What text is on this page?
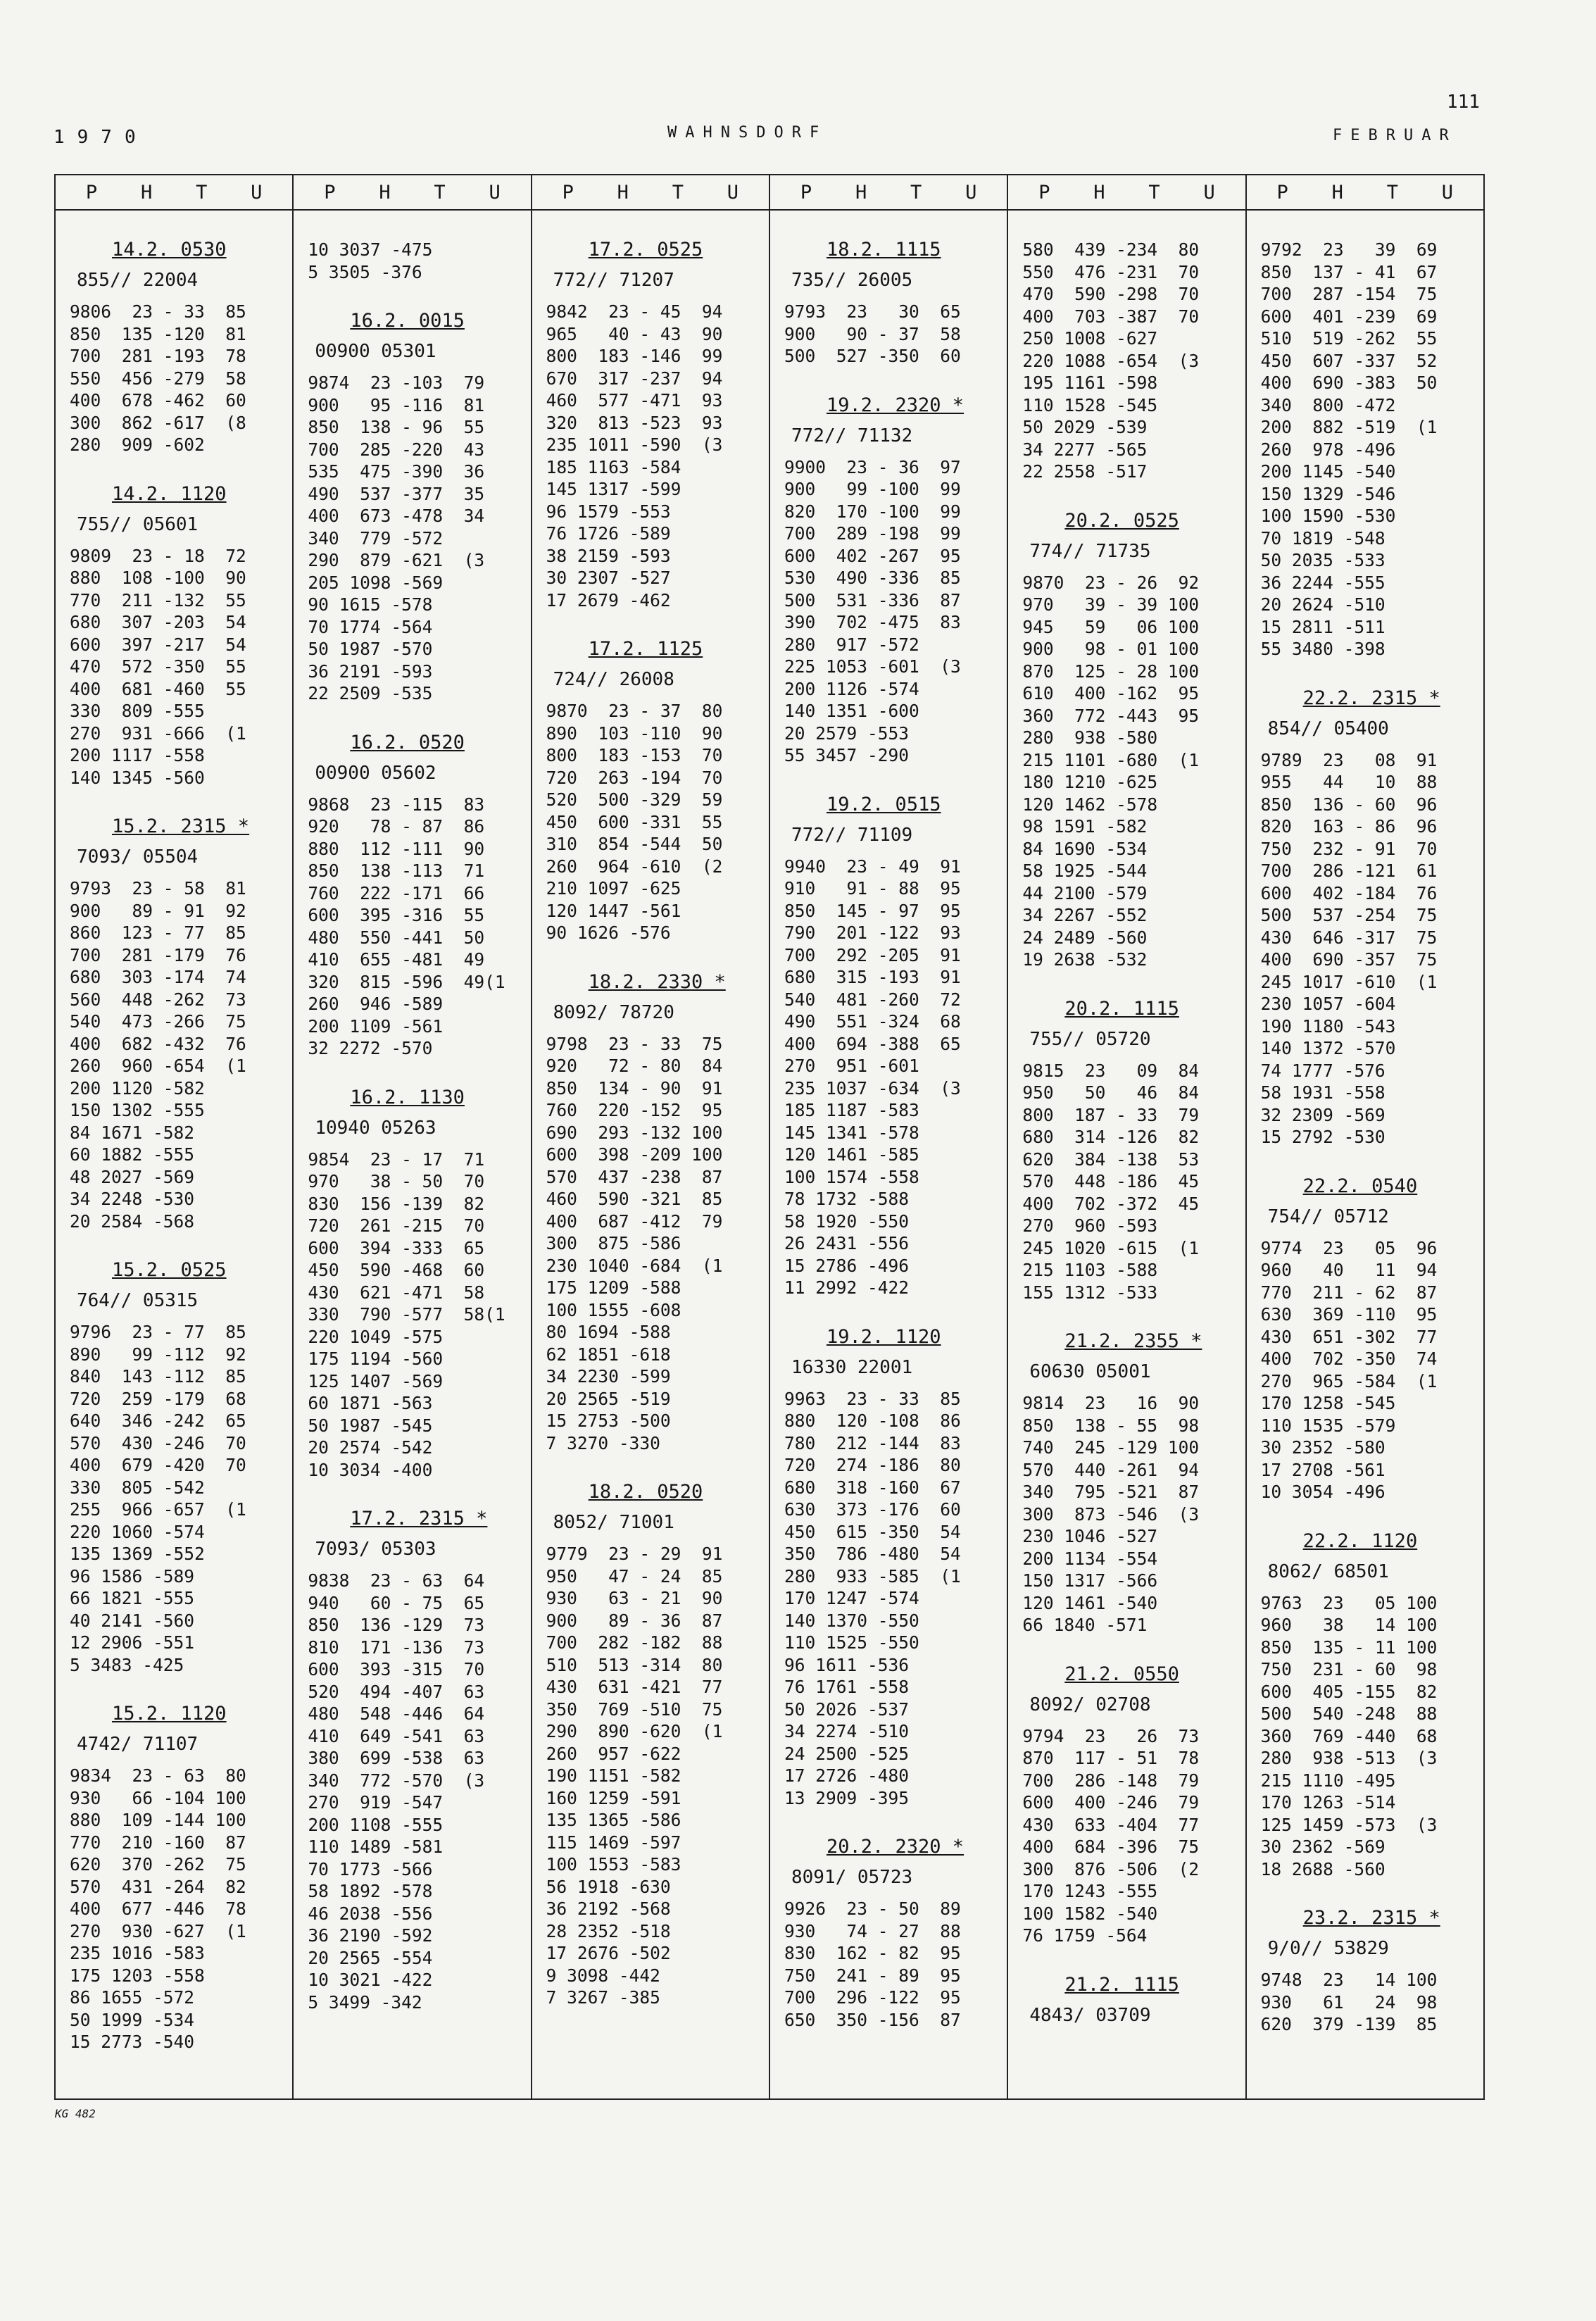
111
1970	WAHNSDORF	FEBRUAR
P H T U
14.2. 0530
855// 22004
9806  23 - 33  85
850  135 -120  81
700  281 -193  78
550  456 -279  58
400  678 -462  60
300  862 -617  (8
280  909 -602
14.2. 1120
755// 05601
9809  23 - 18  72
880  108 -100  90
770  211 -132  55
680  307 -203  54
600  397 -217  54
470  572 -350  55
400  681 -460  55
330  809 -555
270  931 -666  (1
200 1117 -558
140 1345 -560
15.2. 2315 *
7093/ 05504
9793  23 - 58  81
900   89 - 91  92
860  123 - 77  85
700  281 -179  76
680  303 -174  74
560  448 -262  73
540  473 -266  75
400  682 -432  76
260  960 -654  (1
200 1120 -582
150 1302 -555
84 1671 -582
60 1882 -555
48 2027 -569
34 2248 -530
20 2584 -568
15.2. 0525
764// 05315
9796  23 - 77  85
890   99 -112  92
840  143 -112  85
720  259 -179  68
640  346 -242  65
570  430 -246  70
400  679 -420  70
330  805 -542
255  966 -657  (1
220 1060 -574
135 1369 -552
96 1586 -589
66 1821 -555
40 2141 -560
12 2906 -551
5 3483 -425
15.2. 1120
4742/ 71107
9834  23 - 63  80
930   66 -104 100
880  109 -144 100
770  210 -160  87
620  370 -262  75
570  431 -264  82
400  677 -446  78
270  930 -627  (1
235 1016 -583
175 1203 -558
86 1655 -572
50 1999 -534
15 2773 -540
P H T U
10 3037 -475
5 3505 -376
16.2. 0015
00900 05301
9874  23 -103  79
900   95 -116  81
850  138 - 96  55
700  285 -220  43
535  475 -390  36
490  537 -377  35
400  673 -478  34
340  779 -572
290  879 -621  (3
205 1098 -569
90 1615 -578
70 1774 -564
50 1987 -570
36 2191 -593
22 2509 -535
16.2. 0520
00900 05602
9868  23 -115  83
920   78 - 87  86
880  112 -111  90
850  138 -113  71
760  222 -171  66
600  395 -316  55
480  550 -441  50
410  655 -481  49
320  815 -596  49(1
260  946 -589
200 1109 -561
32 2272 -570
16.2. 1130
10940 05263
9854  23 - 17  71
970   38 - 50  70
830  156 -139  82
720  261 -215  70
600  394 -333  65
450  590 -468  60
430  621 -471  58
330  790 -577  58(1
220 1049 -575
175 1194 -560
125 1407 -569
60 1871 -563
50 1987 -545
20 2574 -542
10 3034 -400
17.2. 2315 *
7093/ 05303
9838  23 - 63  64
940   60 - 75  65
850  136 -129  73
810  171 -136  73
600  393 -315  70
520  494 -407  63
480  548 -446  64
410  649 -541  63
380  699 -538  63
340  772 -570  (3
270  919 -547
200 1108 -555
110 1489 -581
70 1773 -566
58 1892 -578
46 2038 -556
36 2190 -592
20 2565 -554
10 3021 -422
5 3499 -342
P H T U
17.2. 0525
772// 71207
9842  23 - 45  94
965   40 - 43  90
800  183 -146  99
670  317 -237  94
460  577 -471  93
320  813 -523  93
235 1011 -590  (3
185 1163 -584
145 1317 -599
96 1579 -553
76 1726 -589
38 2159 -593
30 2307 -527
17 2679 -462
17.2. 1125
724// 26008
9870  23 - 37  80
890  103 -110  90
800  183 -153  70
720  263 -194  70
520  500 -329  59
450  600 -331  55
310  854 -544  50
260  964 -610  (2
210 1097 -625
120 1447 -561
90 1626 -576
18.2. 2330 *
8092/ 78720
9798  23 - 33  75
920   72 - 80  84
850  134 - 90  91
760  220 -152  95
690  293 -132 100
600  398 -209 100
570  437 -238  87
460  590 -321  85
400  687 -412  79
300  875 -586
230 1040 -684  (1
175 1209 -588
100 1555 -608
80 1694 -588
62 1851 -618
34 2230 -599
20 2565 -519
15 2753 -500
7 3270 -330
18.2. 0520
8052/ 71001
9779  23 - 29  91
950   47 - 24  85
930   63 - 21  90
900   89 - 36  87
700  282 -182  88
510  513 -314  80
430  631 -421  77
350  769 -510  75
290  890 -620  (1
260  957 -622
190 1151 -582
160 1259 -591
135 1365 -586
115 1469 -597
100 1553 -583
56 1918 -630
36 2192 -568
28 2352 -518
17 2676 -502
9 3098 -442
7 3267 -385
P H T U
18.2. 1115
735// 26005
9793  23   30  65
900   90 - 37  58
500  527 -350  60
19.2. 2320 *
772// 71132
9900  23 - 36  97
900   99 -100  99
820  170 -100  99
700  289 -198  99
600  402 -267  95
530  490 -336  85
500  531 -336  87
390  702 -475  83
280  917 -572
225 1053 -601  (3
200 1126 -574
140 1351 -600
20 2579 -553
55 3457 -290
19.2. 0515
772// 71109
9940  23 - 49  91
910   91 - 88  95
850  145 - 97  95
790  201 -122  93
700  292 -205  91
680  315 -193  91
540  481 -260  72
490  551 -324  68
400  694 -388  65
270  951 -601
235 1037 -634  (3
185 1187 -583
145 1341 -578
120 1461 -585
100 1574 -558
78 1732 -588
58 1920 -550
26 2431 -556
15 2786 -496
11 2992 -422
19.2. 1120
16330 22001
9963  23 - 33  85
880  120 -108  86
780  212 -144  83
720  274 -186  80
680  318 -160  67
630  373 -176  60
450  615 -350  54
350  786 -480  54
280  933 -585  (1
170 1247 -574
140 1370 -550
110 1525 -550
96 1611 -536
76 1761 -558
50 2026 -537
34 2274 -510
24 2500 -525
17 2726 -480
13 2909 -395
20.2. 2320 *
8091/ 05723
9926  23 - 50  89
930   74 - 27  88
830  162 - 82  95
750  241 - 89  95
700  296 -122  95
650  350 -156  87
P H T U
580  439 -234  80
550  476 -231  70
470  590 -298  70
400  703 -387  70
250 1008 -627
220 1088 -654  (3
195 1161 -598
110 1528 -545
50 2029 -539
34 2277 -565
22 2558 -517
20.2. 0525
774// 71735
9870  23 - 26  92
970   39 - 39 100
945   59   06 100
900   98 - 01 100
870  125 - 28 100
610  400 -162  95
360  772 -443  95
280  938 -580
215 1101 -680  (1
180 1210 -625
120 1462 -578
98 1591 -582
84 1690 -534
58 1925 -544
44 2100 -579
34 2267 -552
24 2489 -560
19 2638 -532
20.2. 1115
755// 05720
9815  23   09  84
950   50   46  84
800  187 - 33  79
680  314 -126  82
620  384 -138  53
570  448 -186  45
400  702 -372  45
270  960 -593
245 1020 -615  (1
215 1103 -588
155 1312 -533
21.2. 2355 *
60630 05001
9814  23   16  90
850  138 - 55  98
740  245 -129 100
570  440 -261  94
340  795 -521  87
300  873 -546  (3
230 1046 -527
200 1134 -554
150 1317 -566
120 1461 -540
66 1840 -571
21.2. 0550
8092/ 02708
9794  23   26  73
870  117 - 51  78
700  286 -148  79
600  400 -246  79
430  633 -404  77
400  684 -396  75
300  876 -506  (2
170 1243 -555
100 1582 -540
76 1759 -564
21.2. 1115
4843/ 03709
P H T U
9792  23   39  69
850  137 - 41  67
700  287 -154  75
600  401 -239  69
510  519 -262  55
450  607 -337  52
400  690 -383  50
340  800 -472
200  882 -519  (1
260  978 -496
200 1145 -540
150 1329 -546
100 1590 -530
70 1819 -548
50 2035 -533
36 2244 -555
20 2624 -510
15 2811 -511
55 3480 -398
22.2. 2315 *
854// 05400
9789  23   08  91
955   44   10  88
850  136 - 60  96
820  163 - 86  96
750  232 - 91  70
700  286 -121  61
600  402 -184  76
500  537 -254  75
430  646 -317  75
400  690 -357  75
245 1017 -610  (1
230 1057 -604
190 1180 -543
140 1372 -570
74 1777 -576
58 1931 -558
32 2309 -569
15 2792 -530
22.2. 0540
754// 05712
9774  23   05  96
960   40   11  94
770  211 - 62  87
630  369 -110  95
430  651 -302  77
400  702 -350  74
270  965 -584  (1
170 1258 -545
110 1535 -579
30 2352 -580
17 2708 -561
10 3054 -496
22.2. 1120
8062/ 68501
9763  23   05 100
960   38   14 100
850  135 - 11 100
750  231 - 60  98
600  405 -155  82
500  540 -248  88
360  769 -440  68
280  938 -513  (3
215 1110 -495
170 1263 -514
125 1459 -573  (3
30 2362 -569
18 2688 -560
23.2. 2315 *
9/0// 53829
9748  23   14 100
930   61   24  98
620  379 -139  85
KG 482
